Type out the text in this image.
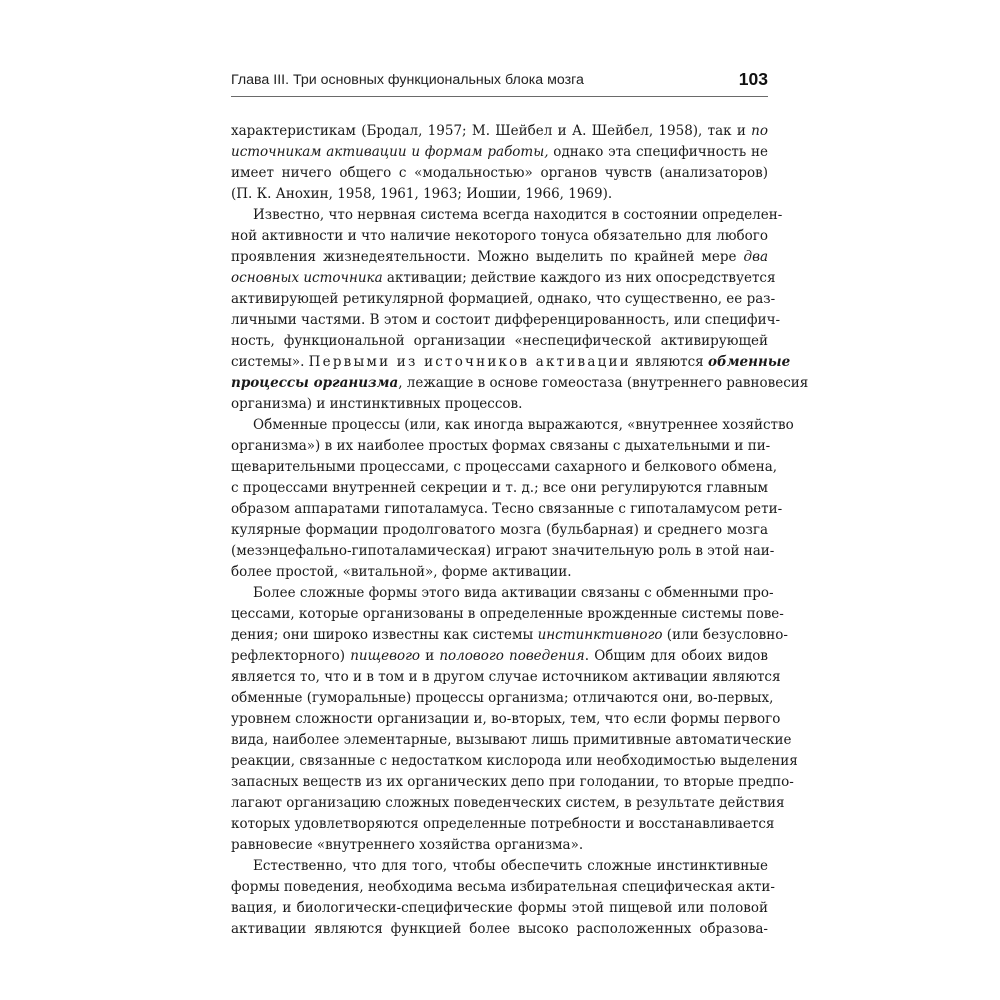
Глава III. Три основных функциональных блока мозга	103
характеристикам (Бродал, 1957; М. Шейбел и А. Шейбел, 1958), так и по
источникам активации и формам работы, однако эта специфичность не
имеет ничего общего с «модальностью» органов чувств (анализаторов)
(П. К. Анохин, 1958, 1961, 1963; Иошии, 1966, 1969).
Известно, что нервная система всегда находится в состоянии определен-
ной активности и что наличие некоторого тонуса обязательно для любого
проявления жизнедеятельности. Можно выделить по крайней мере два
основных источника активации; действие каждого из них опосредствуется
активирующей ретикулярной формацией, однако, что существенно, ее раз-
личными частями. В этом и состоит дифференцированность, или специфич-
ность, функциональной организации «неспецифической активирующей
системы». Первыми из источников активации являются обменные
процессы организма, лежащие в основе гомеостаза (внутреннего равновесия
организма) и инстинктивных процессов.
Обменные процессы (или, как иногда выражаются, «внутреннее хозяйство
организма») в их наиболее простых формах связаны с дыхательными и пи-
щеварительными процессами, с процессами сахарного и белкового обмена,
с процессами внутренней секреции и т. д.; все они регулируются главным
образом аппаратами гипоталамуса. Тесно связанные с гипоталамусом рети-
кулярные формации продолговатого мозга (бульбарная) и среднего мозга
(мезэнцефально-гипоталамическая) играют значительную роль в этой наи-
более простой, «витальной», форме активации.
Более сложные формы этого вида активации связаны с обменными про-
цессами, которые организованы в определенные врожденные системы пове-
дения; они широко известны как системы инстинктивного (или безусловно-
рефлекторного) пищевого и полового поведения. Общим для обоих видов
является то, что и в том и в другом случае источником активации являются
обменные (гуморальные) процессы организма; отличаются они, во-первых,
уровнем сложности организации и, во-вторых, тем, что если формы первого
вида, наиболее элементарные, вызывают лишь примитивные автоматические
реакции, связанные с недостатком кислорода или необходимостью выделения
запасных веществ из их органических депо при голодании, то вторые предпо-
лагают организацию сложных поведенческих систем, в результате действия
которых удовлетворяются определенные потребности и восстанавливается
равновесие «внутреннего хозяйства организма».
Естественно, что для того, чтобы обеспечить сложные инстинктивные
формы поведения, необходима весьма избирательная специфическая акти-
вация, и биологически-специфические формы этой пищевой или половой
активации являются функцией более высоко расположенных образова-
